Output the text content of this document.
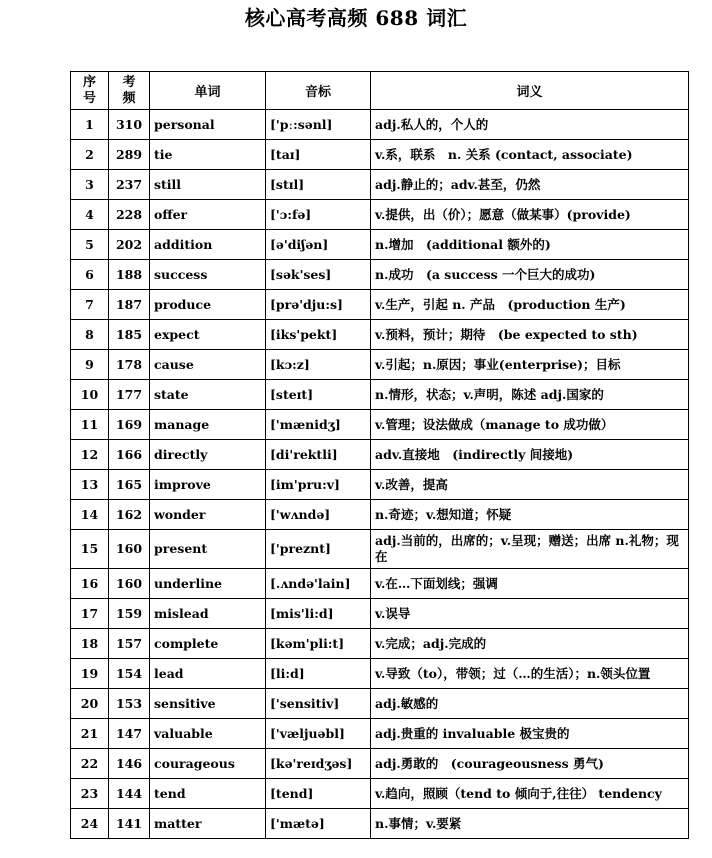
核心高考高频 688 词汇
序
号	考
频	单词	音标	词义
1	310	personal	['pː:sənl]	adj.私人的，个人的
2	289	tie	[taɪ]	v.系，联系　n. 关系 (contact, associate)
3	237	still	[stɪl]	adj.静止的；adv.甚至，仍然
4	228	offer	['ɔ:fə]	v.提供，出（价）；愿意（做某事）(provide)
5	202	addition	[ə'diʃən]	n.增加　(additional 额外的)
6	188	success	[sək'ses]	n.成功　(a success 一个巨大的成功)
7	187	produce	[prə'dju:s]	v.生产，引起 n. 产品　(production 生产)
8	185	expect	[iks'pekt]	v.预料，预计；期待　(be expected to sth)
9	178	cause	[kɔ:z]	v.引起；n.原因；事业(enterprise)；目标
10	177	state	[steɪt]	n.情形，状态；v.声明，陈述 adj.国家的
11	169	manage	['mænidʒ]	v.管理；设法做成（manage to 成功做）
12	166	directly	[di'rektli]	adv.直接地　(indirectly 间接地)
13	165	improve	[im'pru:v]	v.改善，提高
14	162	wonder	['wʌndə]	n.奇迹；v.想知道；怀疑
15	160	present	['preznt]	adj.当前的，出席的；v.呈现；赠送；出席 n.礼物；现在
16	160	underline	[.ʌndə'lain]	v.在…下面划线；强调
17	159	mislead	[mis'li:d]	v.误导
18	157	complete	[kəm'pli:t]	v.完成；adj.完成的
19	154	lead	[li:d]	v.导致（to），带领；过（…的生活）；n.领头位置
20	153	sensitive	['sensitiv]	adj.敏感的
21	147	valuable	['væljuəbl]	adj.贵重的 invaluable 极宝贵的
22	146	courageous	[kə'reɪdʒəs]	adj.勇敢的　(courageousness 勇气)
23	144	tend	[tend]	v.趋向，照顾（tend to 倾向于,往往） tendency
24	141	matter	['mætə]	n.事情；v.要紧
